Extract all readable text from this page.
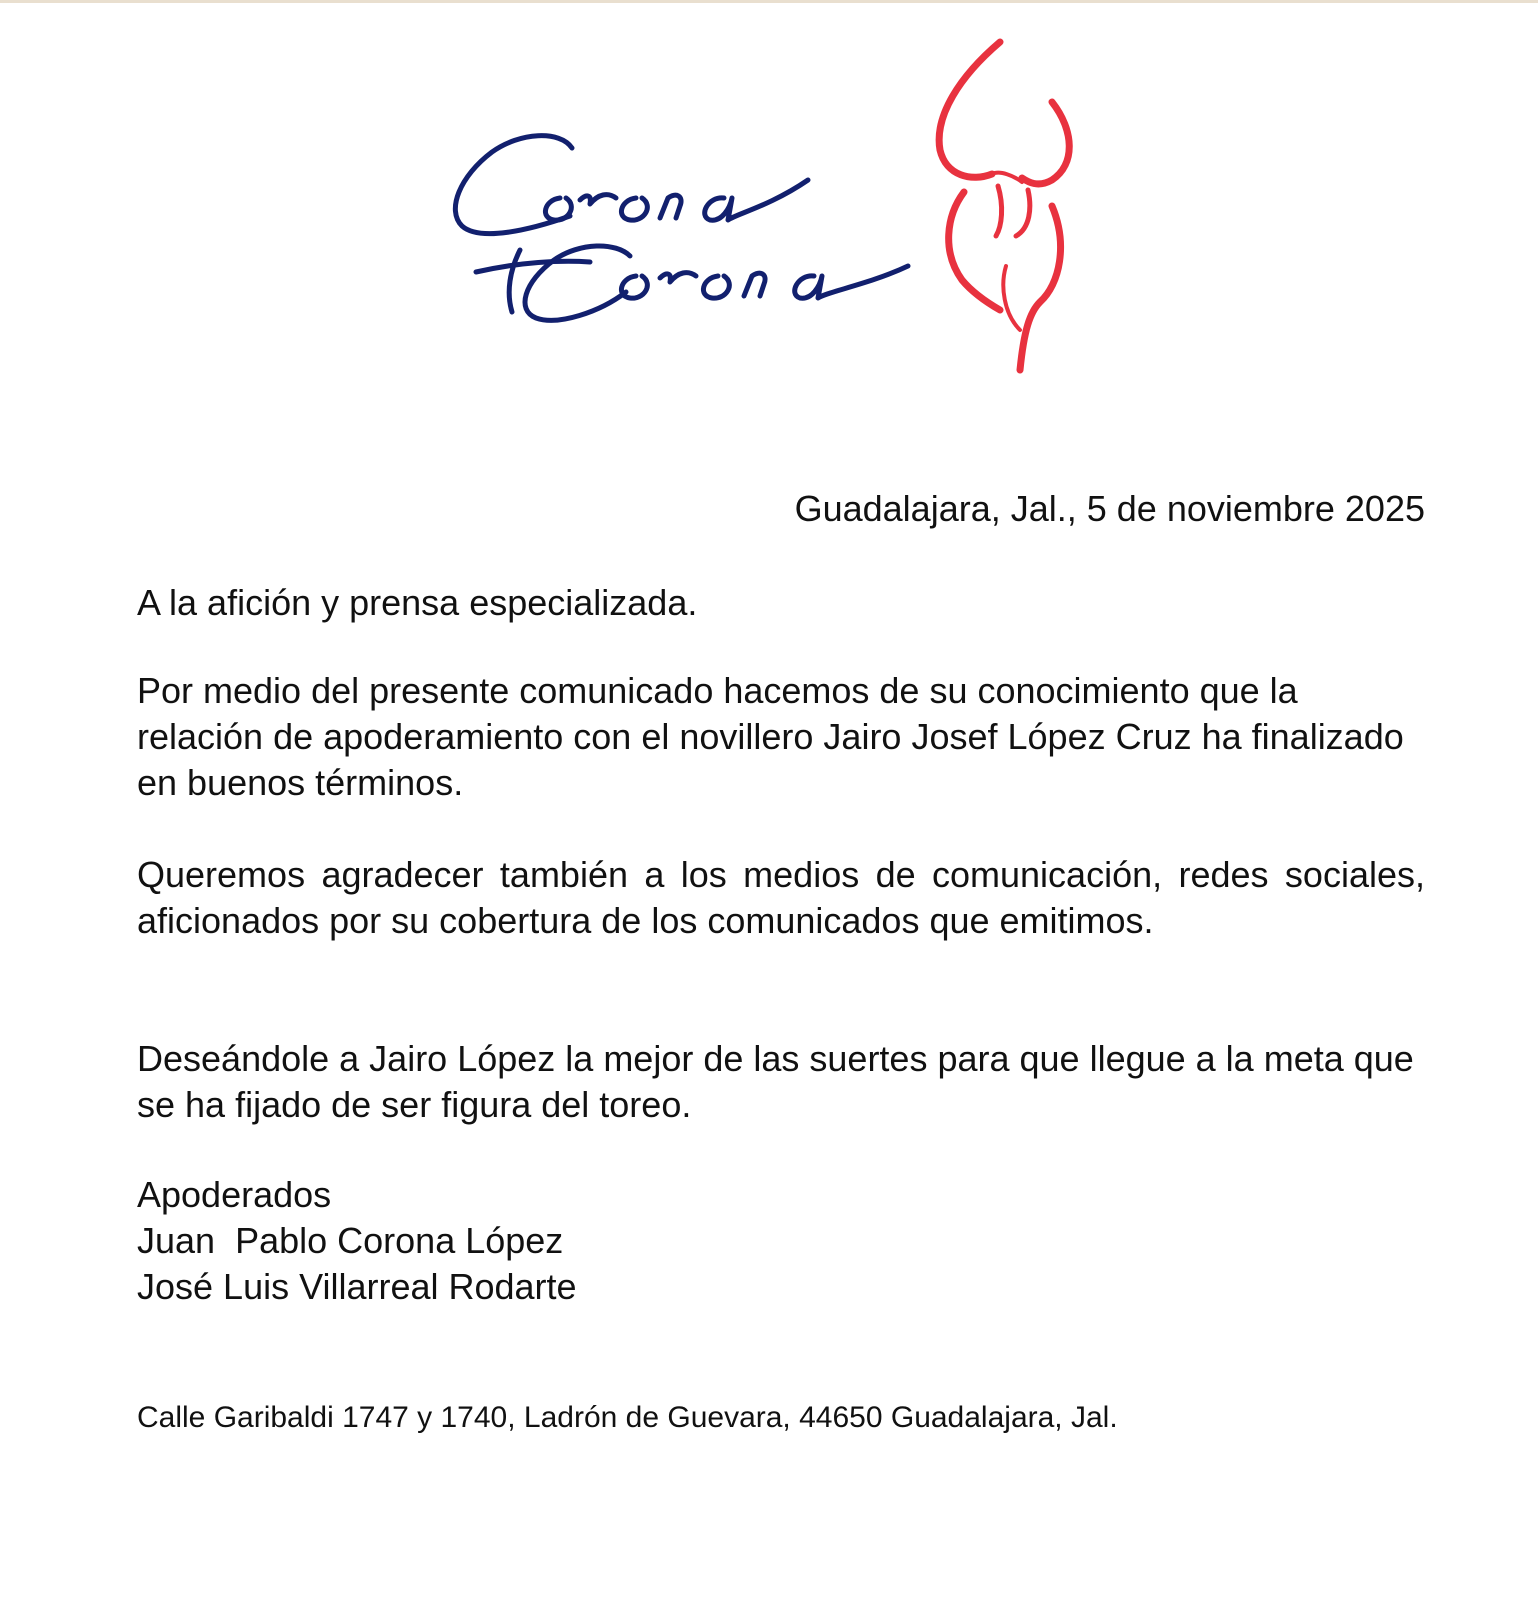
Guadalajara, Jal., 5 de noviembre 2025
A la afición y prensa especializada.
Por medio del presente comunicado hacemos de su conocimiento que la relación de apoderamiento con el novillero Jairo Josef López Cruz ha finalizado en buenos términos.
Queremos agradecer también a los medios de comunicación, redes sociales, aficionados por su cobertura de los comunicados que emitimos.
Deseándole a Jairo López la mejor de las suertes para que llegue a la meta que se ha fijado de ser figura del toreo.
Apoderados
Juan  Pablo Corona López
José Luis Villarreal Rodarte
Calle Garibaldi 1747 y 1740, Ladrón de Guevara, 44650 Guadalajara, Jal.
